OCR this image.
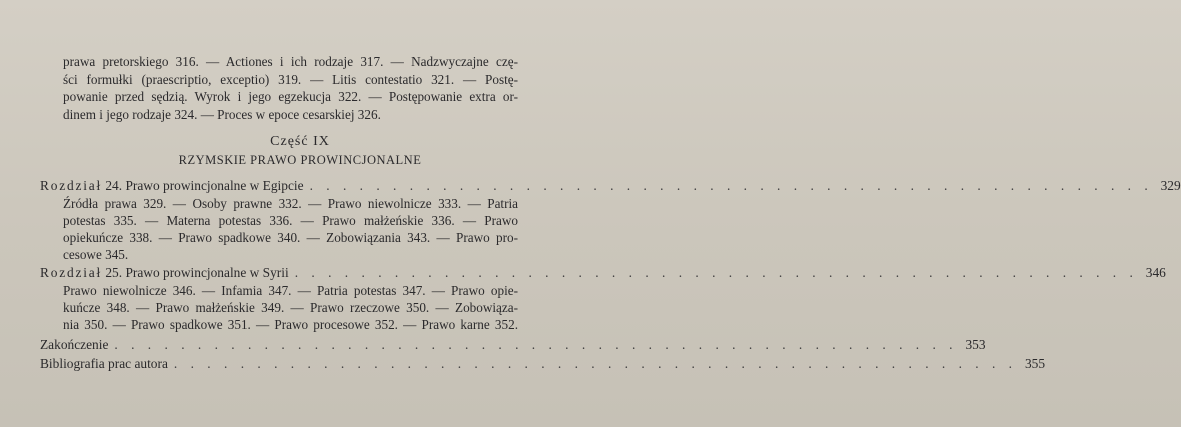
prawa pretorskiego 316. — Actiones i ich rodzaje 317. — Nadzwyczajne czę-
ści formułki (praescriptio, exceptio) 319. — Litis contestatio 321. — Postę-
powanie przed sędzią. Wyrok i jego egzekucja 322. — Postępowanie extra or-
dinem i jego rodzaje 324. — Proces w epoce cesarskiej 326.
Część IX
RZYMSKIE PRAWO PROWINCJONALNE
Rozdział 24. Prawo prowincjonalne w Egipcie . . . . . . . . . . . . . . . . . . . . . . . . . . . . . . . . . . . . . . . . . . . . . . . . . . . 329
Źródła prawa 329. — Osoby prawne 332. — Prawo niewolnicze 333. — Patria
potestas 335. — Materna potestas 336. — Prawo małżeńskie 336. — Prawo
opiekuńcze 338. — Prawo spadkowe 340. — Zobowiązania 343. — Prawo pro-
cesowe 345.
Rozdział 25. Prawo prowincjonalne w Syrii . . . . . . . . . . . . . . . . . . . . . . . . . . . . . . . . . . . . . . . . . . . . . . . . . . . 346
Prawo niewolnicze 346. — Infamia 347. — Patria potestas 347. — Prawo opie-
kuńcze 348. — Prawo małżeńskie 349. — Prawo rzeczowe 350. — Zobowiąza-
nia 350. — Prawo spadkowe 351. — Prawo procesowe 352. — Prawo karne 352.
Zakończenie . . . . . . . . . . . . . . . . . . . . . . . . . . . . . . . . . . . . . . . . . . . . . . . . . . . 353
Bibliografia prac autora . . . . . . . . . . . . . . . . . . . . . . . . . . . . . . . . . . . . . . . . . . . . . . . . . . . 355
